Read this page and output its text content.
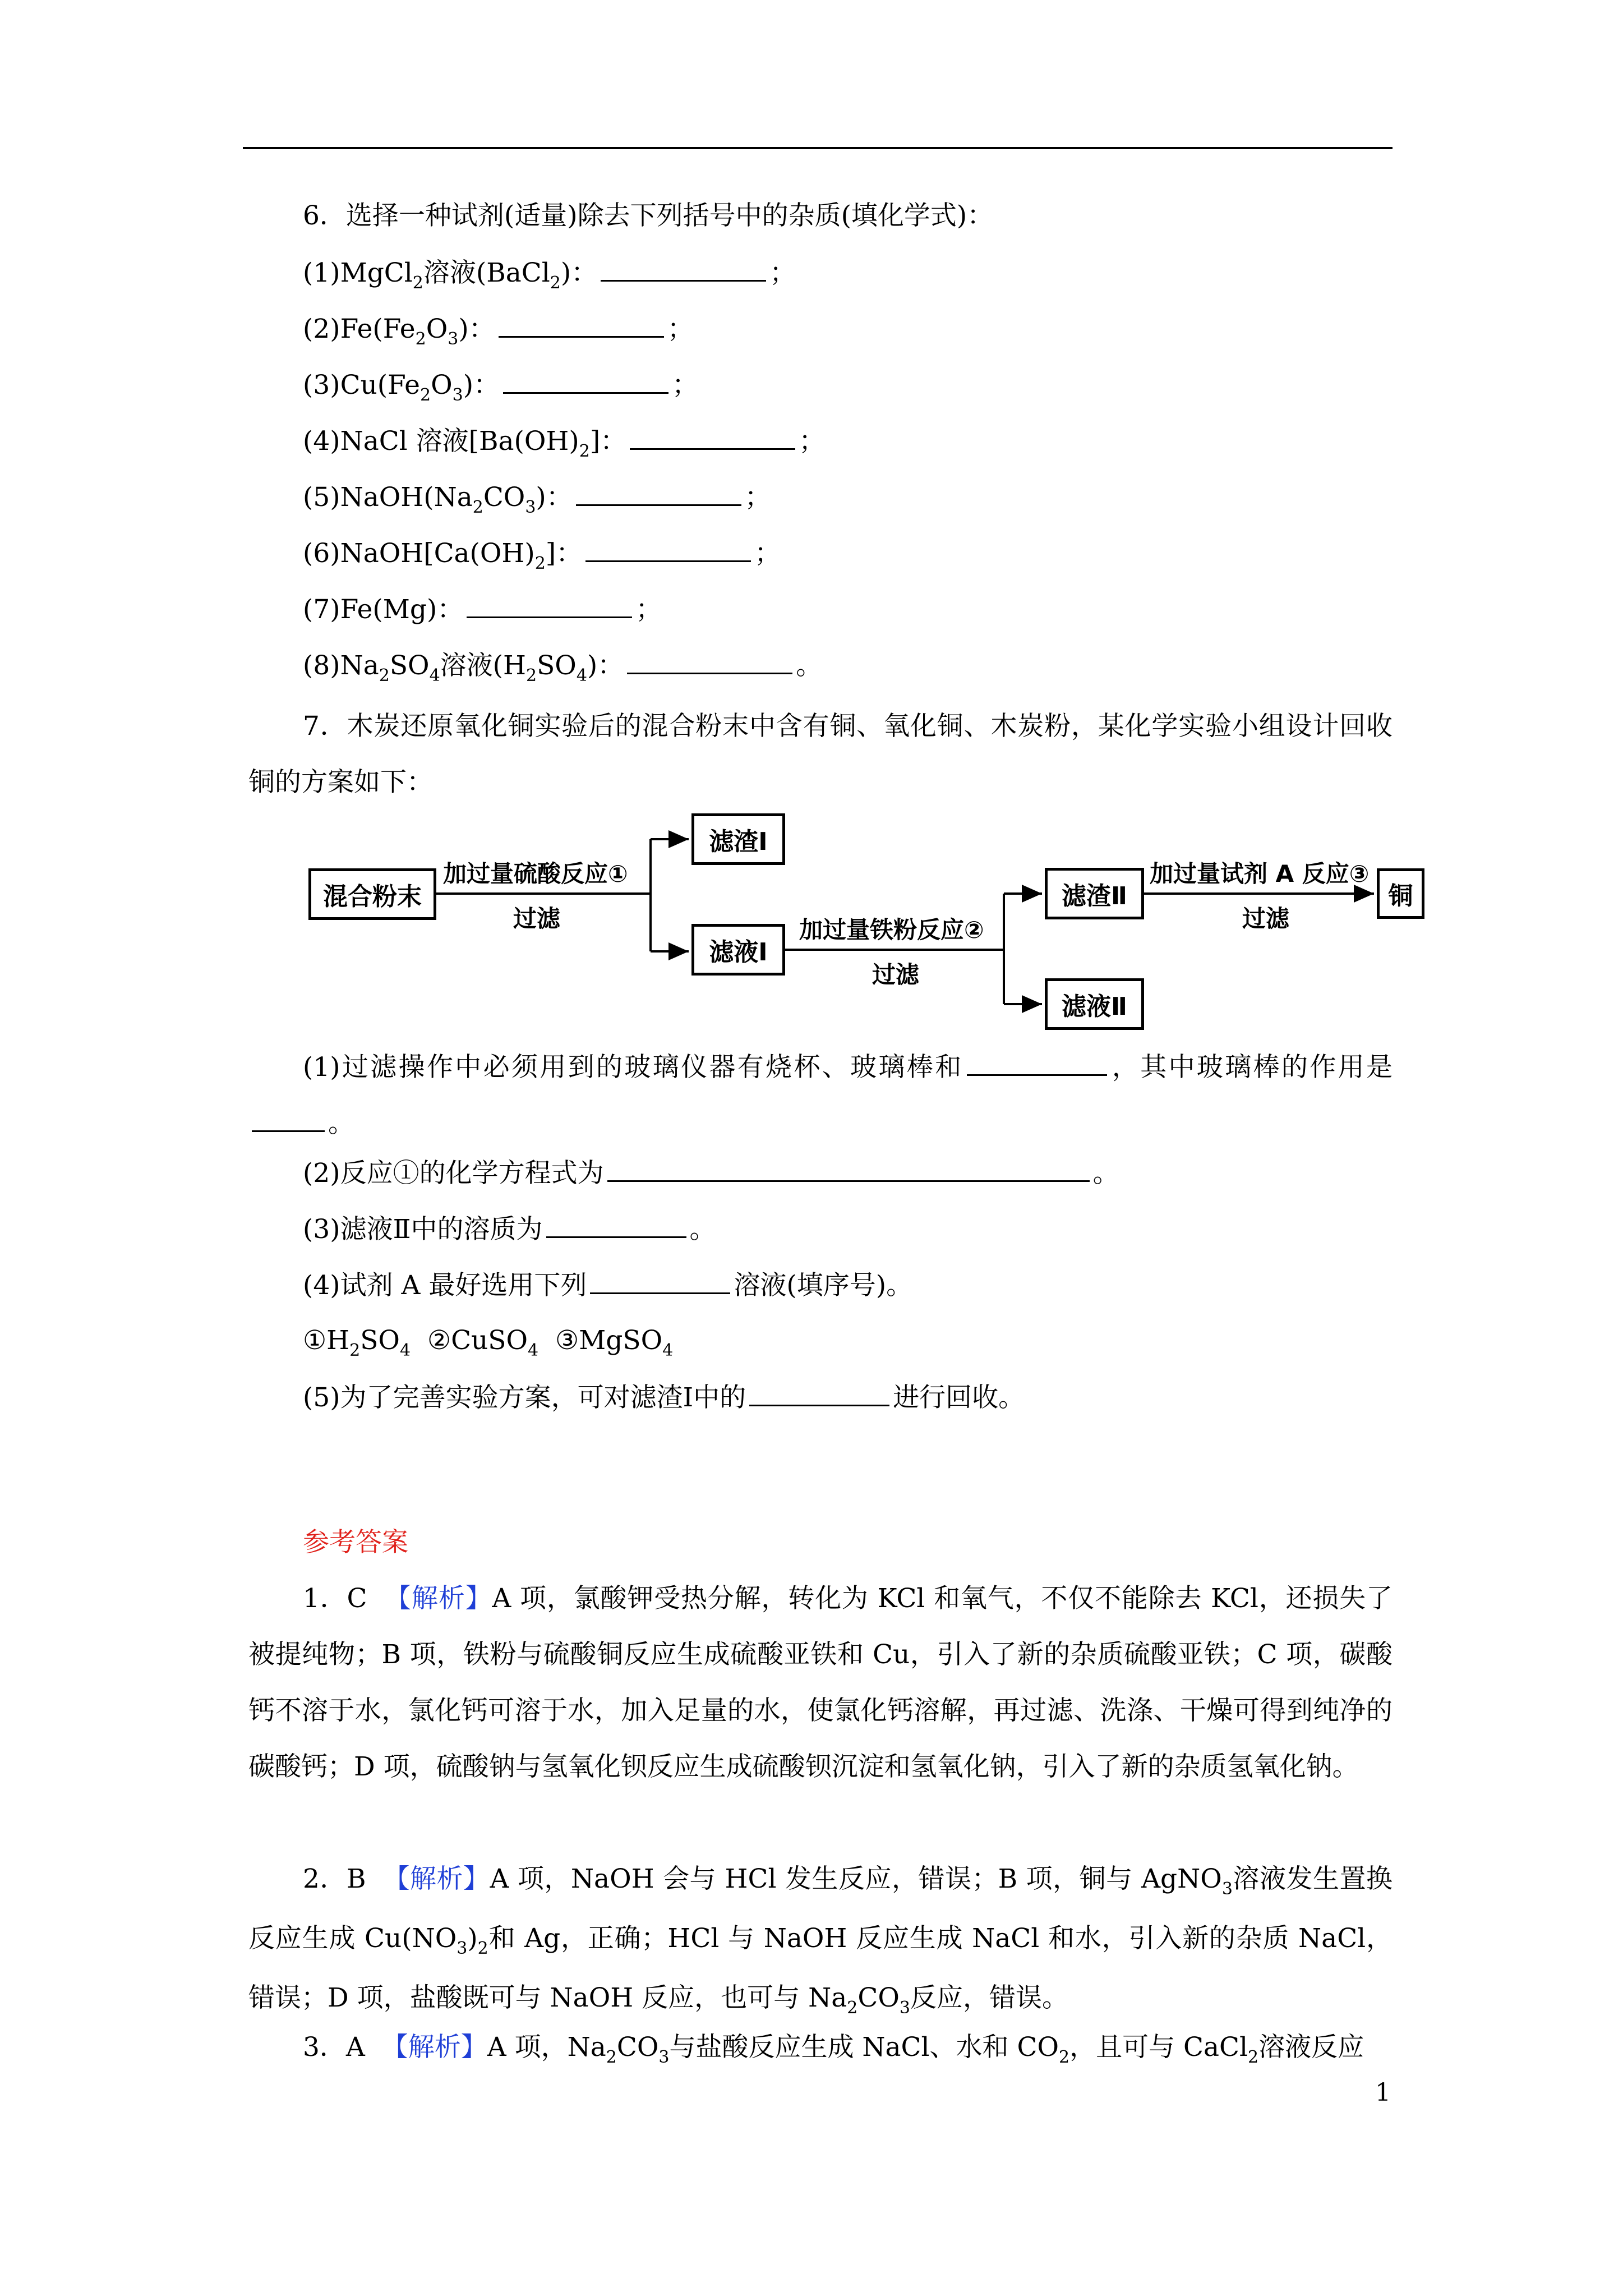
6．选择一种试剂(适量)除去下列括号中的杂质(填化学式)：
(1)MgCl$_2$溶液(BaCl$_2$)：	；
$(2)Fe(Fe_2O_3)$：	；
$(3)Cu(Fe_2O_3)$：	；
(4)NaCl 溶液$[Ba(OH)_2]$：	；
$(5)NaOH(Na_2CO_3)$：	；
$(6)NaOH[Ca(OH)_2]$：	；
(7)Fe(Mg)：	；
$(8)Na_2SO_4$溶液$(H_2SO_4)$：	。
7．木炭还原氧化铜实验后的混合粉末中含有铜、氧化铜、木炭粉，某化学实验小组设计回收铜的方案如下：
混合粉末
加过量硫酸反应①
过滤
滤渣Ⅰ
滤液Ⅰ
加过量铁粉反应②
过滤
滤渣Ⅱ
滤液Ⅱ
加过量试剂 A 反应③
过滤
铜
(1)过滤操作中必须用到的玻璃仪器有烧杯、玻璃棒和	，其中玻璃棒的作用是。
(2)反应①的化学方程式为	。
(3)滤液Ⅱ中的溶质为	。
(4)试剂 A 最好选用下列	溶液(填序号)。
$①H_2SO_4$ ②CuSO$_4$ ③MgSO$_4$
(5)为了完善实验方案，可对滤渣Ⅰ中的	进行回收。
参考答案
1．C 【解析】A 项，氯酸钾受热分解，转化为 KCl 和氧气，不仅不能除去 KCl，还损失了被提纯物；B 项，铁粉与硫酸铜反应生成硫酸亚铁和 Cu，引入了新的杂质硫酸亚铁；C 项，碳酸钙不溶于水，氯化钙可溶于水，加入足量的水，使氯化钙溶解，再过滤、洗涤、干燥可得到纯净的碳酸钙；D 项，硫酸钠与氢氧化钡反应生成硫酸钡沉淀和氢氧化钠，引入了新的杂质氢氧化钠。
2．B 【解析】A 项，NaOH 会与 HCl 发生反应，错误；B 项，铜与 AgNO$_3$溶液发生置换反应生成 $Cu(NO_3)_2$和 Ag，正确；HCl 与 NaOH 反应生成 NaCl 和水，引入新的杂质 NaCl，错误；D 项，盐酸既可与 NaOH 反应，也可与 $Na_2CO_3$反应，错误。
3．A 【解析】A 项，$Na_2CO_3$与盐酸反应生成 NaCl、水和 $CO_2$，且可与 CaCl$_2$溶液反应
1
